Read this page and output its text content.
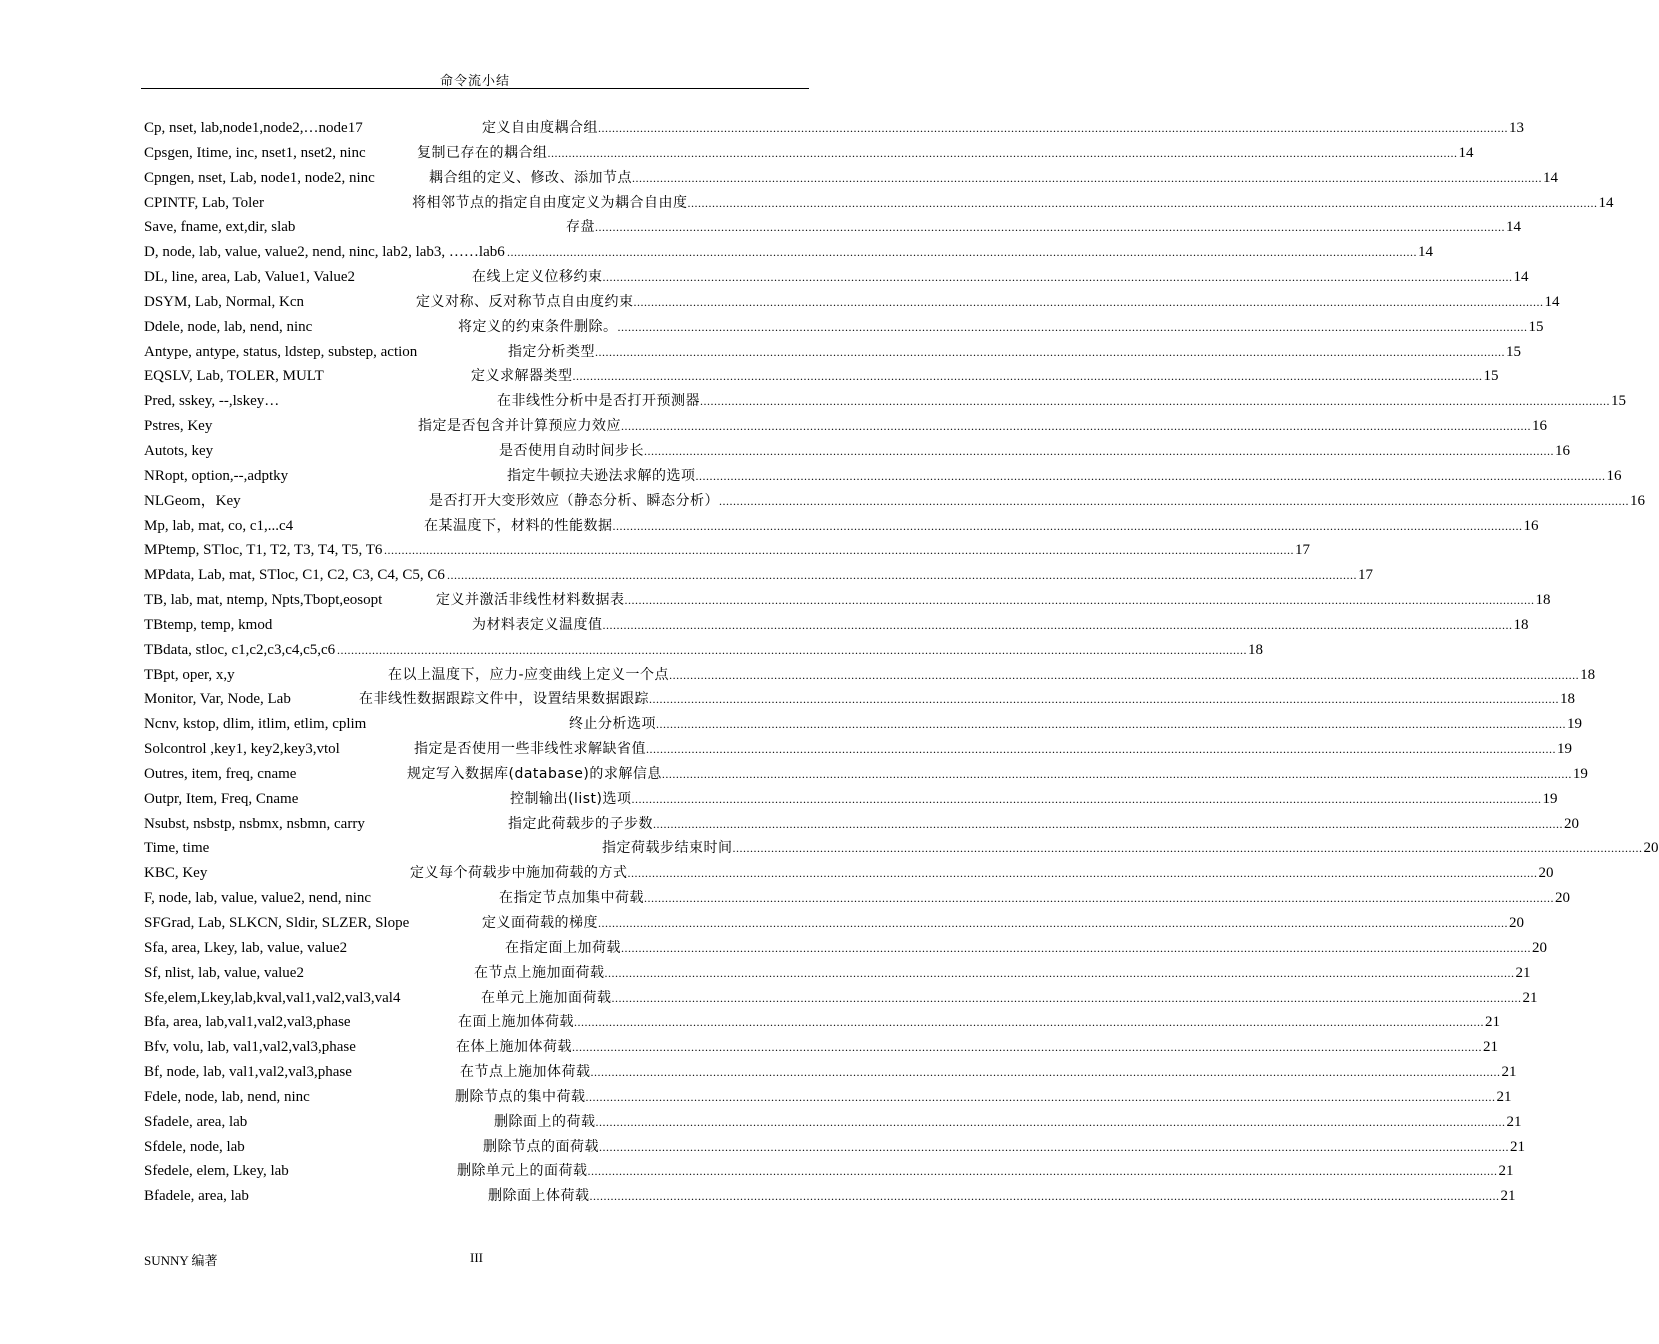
命令流小结
Cp, nset, lab,node1,node2,…node17	定义自由度耦合组 .................................................................................................................................................................................................................................................................... 13
Cpsgen, Itime, inc, nset1, nset2, ninc	复制已存在的耦合组 .................................................................................................................................................................................................................................................................... 14
Cpngen, nset, Lab, node1, node2, ninc	耦合组的定义、修改、添加节点 .................................................................................................................................................................................................................................................................... 14
CPINTF, Lab, Toler	将相邻节点的指定自由度定义为耦合自由度 .................................................................................................................................................................................................................................................................... 14
Save, fname, ext,dir, slab	存盘 .................................................................................................................................................................................................................................................................... 14
D, node, lab, value, value2, nend, ninc, lab2, lab3, ……lab6 .................................................................................................................................................................................................................................................................... 14
DL, line, area, Lab, Value1, Value2	在线上定义位移约束 .................................................................................................................................................................................................................................................................... 14
DSYM, Lab, Normal, Kcn	定义对称、反对称节点自由度约束 .................................................................................................................................................................................................................................................................... 14
Ddele, node, lab, nend, ninc	将定义的约束条件删除。 .................................................................................................................................................................................................................................................................... 15
Antype, antype, status, ldstep, substep, action	指定分析类型 .................................................................................................................................................................................................................................................................... 15
EQSLV, Lab, TOLER, MULT	定义求解器类型 .................................................................................................................................................................................................................................................................... 15
Pred, sskey, --,lskey…	在非线性分析中是否打开预测器 .................................................................................................................................................................................................................................................................... 15
Pstres, Key	指定是否包含并计算预应力效应 .................................................................................................................................................................................................................................................................... 16
Autots, key	是否使用自动时间步长 .................................................................................................................................................................................................................................................................... 16
NRopt, option,--,adptky	指定牛顿拉夫逊法求解的选项 .................................................................................................................................................................................................................................................................... 16
NLGeom，Key	是否打开大变形效应（静态分析、瞬态分析） .................................................................................................................................................................................................................................................................... 16
Mp, lab, mat, co, c1,...c4	在某温度下，材料的性能数据 .................................................................................................................................................................................................................................................................... 16
MPtemp, STloc, T1, T2, T3, T4, T5, T6 .................................................................................................................................................................................................................................................................... 17
MPdata, Lab, mat, STloc, C1, C2, C3, C4, C5, C6 .................................................................................................................................................................................................................................................................... 17
TB, lab, mat, ntemp, Npts,Tbopt,eosopt	定义并激活非线性材料数据表 .................................................................................................................................................................................................................................................................... 18
TBtemp, temp, kmod	为材料表定义温度值 .................................................................................................................................................................................................................................................................... 18
TBdata, stloc, c1,c2,c3,c4,c5,c6 .................................................................................................................................................................................................................................................................... 18
TBpt, oper, x,y	在以上温度下，应力-应变曲线上定义一个点 .................................................................................................................................................................................................................................................................... 18
Monitor, Var, Node, Lab	在非线性数据跟踪文件中，设置结果数据跟踪 .................................................................................................................................................................................................................................................................... 18
Ncnv, kstop, dlim, itlim, etlim, cplim	终止分析选项 .................................................................................................................................................................................................................................................................... 19
Solcontrol ,key1, key2,key3,vtol	指定是否使用一些非线性求解缺省值 .................................................................................................................................................................................................................................................................... 19
Outres, item, freq, cname	规定写入数据库(database)的求解信息 .................................................................................................................................................................................................................................................................... 19
Outpr, Item, Freq, Cname	控制输出(list)选项 .................................................................................................................................................................................................................................................................... 19
Nsubst, nsbstp, nsbmx, nsbmn, carry	指定此荷载步的子步数 .................................................................................................................................................................................................................................................................... 20
Time, time	指定荷载步结束时间 .................................................................................................................................................................................................................................................................... 20
KBC, Key	定义每个荷载步中施加荷载的方式 .................................................................................................................................................................................................................................................................... 20
F, node, lab, value, value2, nend, ninc	在指定节点加集中荷载 .................................................................................................................................................................................................................................................................... 20
SFGrad, Lab, SLKCN, Sldir, SLZER, Slope	定义面荷载的梯度 .................................................................................................................................................................................................................................................................... 20
Sfa, area, Lkey, lab, value, value2	在指定面上加荷载 .................................................................................................................................................................................................................................................................... 20
Sf, nlist, lab, value, value2	在节点上施加面荷载 .................................................................................................................................................................................................................................................................... 21
Sfe,elem,Lkey,lab,kval,val1,val2,val3,val4	在单元上施加面荷载 .................................................................................................................................................................................................................................................................... 21
Bfa, area, lab,val1,val2,val3,phase	在面上施加体荷载 .................................................................................................................................................................................................................................................................... 21
Bfv, volu, lab, val1,val2,val3,phase	在体上施加体荷载 .................................................................................................................................................................................................................................................................... 21
Bf, node, lab, val1,val2,val3,phase	在节点上施加体荷载 .................................................................................................................................................................................................................................................................... 21
Fdele, node, lab, nend, ninc	删除节点的集中荷载 .................................................................................................................................................................................................................................................................... 21
Sfadele, area, lab	删除面上的荷载 .................................................................................................................................................................................................................................................................... 21
Sfdele, node, lab	删除节点的面荷载 .................................................................................................................................................................................................................................................................... 21
Sfedele, elem, Lkey, lab	删除单元上的面荷载 .................................................................................................................................................................................................................................................................... 21
Bfadele, area, lab	删除面上体荷载 .................................................................................................................................................................................................................................................................... 21
SUNNY 编著	III
